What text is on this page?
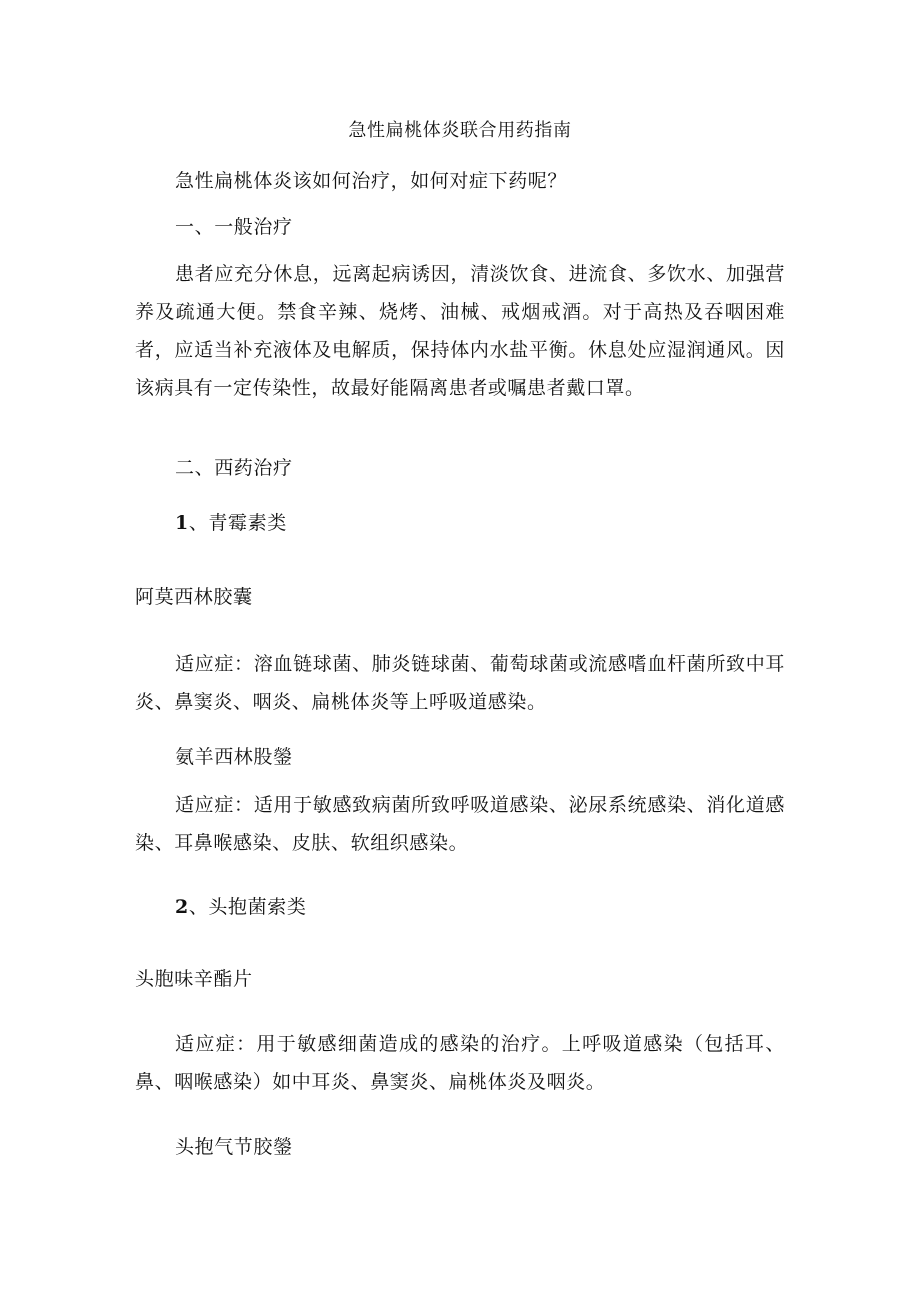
急性扁桃体炎联合用药指南
急性扁桃体炎该如何治疗，如何对症下药呢？
一、一般治疗
患者应充分休息，远离起病诱因，清淡饮食、进流食、多饮水、加强营养及疏通大便。禁食辛辣、烧烤、油械、戒烟戒酒。对于高热及吞咽困难者，应适当补充液体及电解质，保持体内水盐平衡。休息处应湿润通风。因该病具有一定传染性，故最好能隔离患者或嘱患者戴口罩。
二、西药治疗
1、青霉素类
阿莫西林胶囊
适应症：溶血链球菌、肺炎链球菌、葡萄球菌或流感嗜血杆菌所致中耳炎、鼻窦炎、咽炎、扁桃体炎等上呼吸道感染。
氨羊西林股鎣
适应症：适用于敏感致病菌所致呼吸道感染、泌尿系统感染、消化道感染、耳鼻喉感染、皮肤、软组织感染。
2、头抱菌索类
头胞味辛酯片
适应症：用于敏感细菌造成的感染的治疗。上呼吸道感染（包括耳、鼻、咽喉感染）如中耳炎、鼻窦炎、扁桃体炎及咽炎。
头抱气节胶鎣
